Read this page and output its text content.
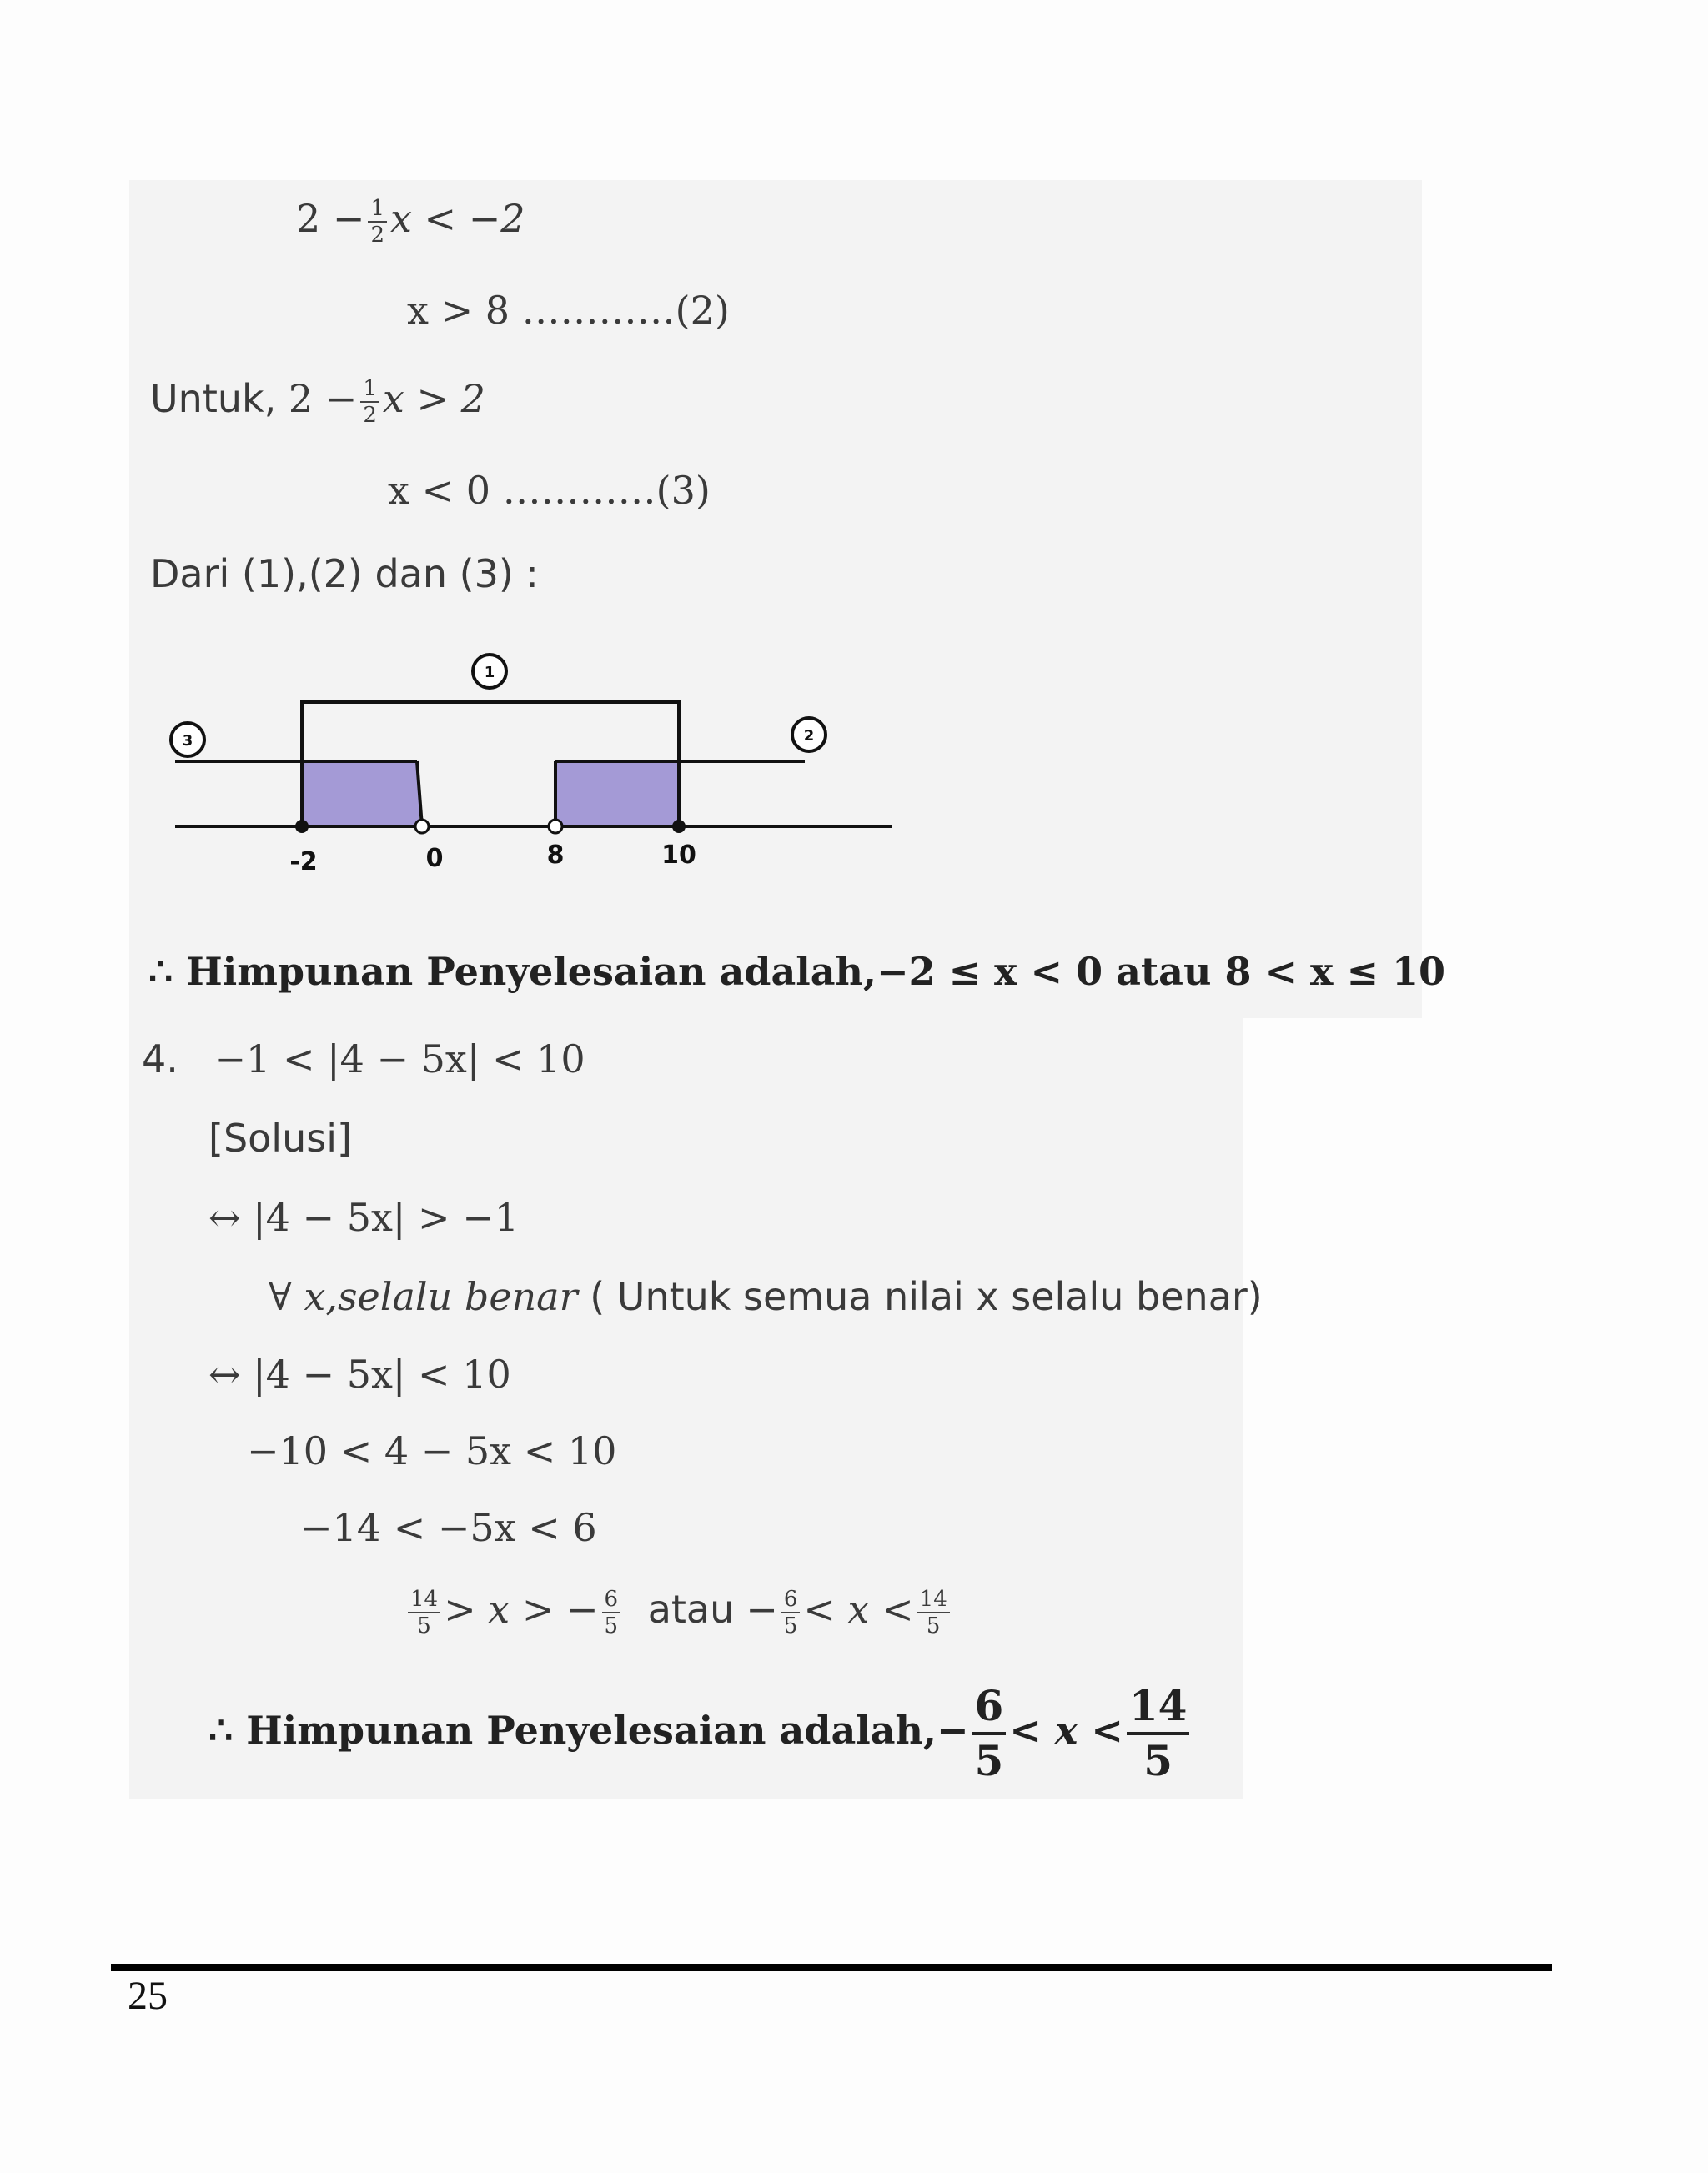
$2 - \frac{1}{2}$ x < −2
x > 8 …………(2)
Untuk, $2 - \frac{1}{2}$ x > 2
x < 0 …………(3)
Dari (1),(2) dan (3) :
-2	0	8	10
1
2
3
∴ Himpunan Penyelesaian adalah,−2 ≤ x < 0 atau 8 < x ≤ 10
4. −1 < |4 − 5x| < 10
[Solusi]
↔ |4 − 5x| > −1
∀ x,selalu benar ( Untuk semua nilai x selalu benar)
↔ |4 − 5x| < 10
−10 < 4 − 5x < 10
−14 < −5x < 6
$\frac{14}{5} > x$ > − $\frac{6}{5}$ atau − $\frac{6}{5} < x < \frac{14}{5}$
∴ Himpunan Penyelesaian adalah,− $\frac{6}{5} < x < \frac{14}{5}$
25
